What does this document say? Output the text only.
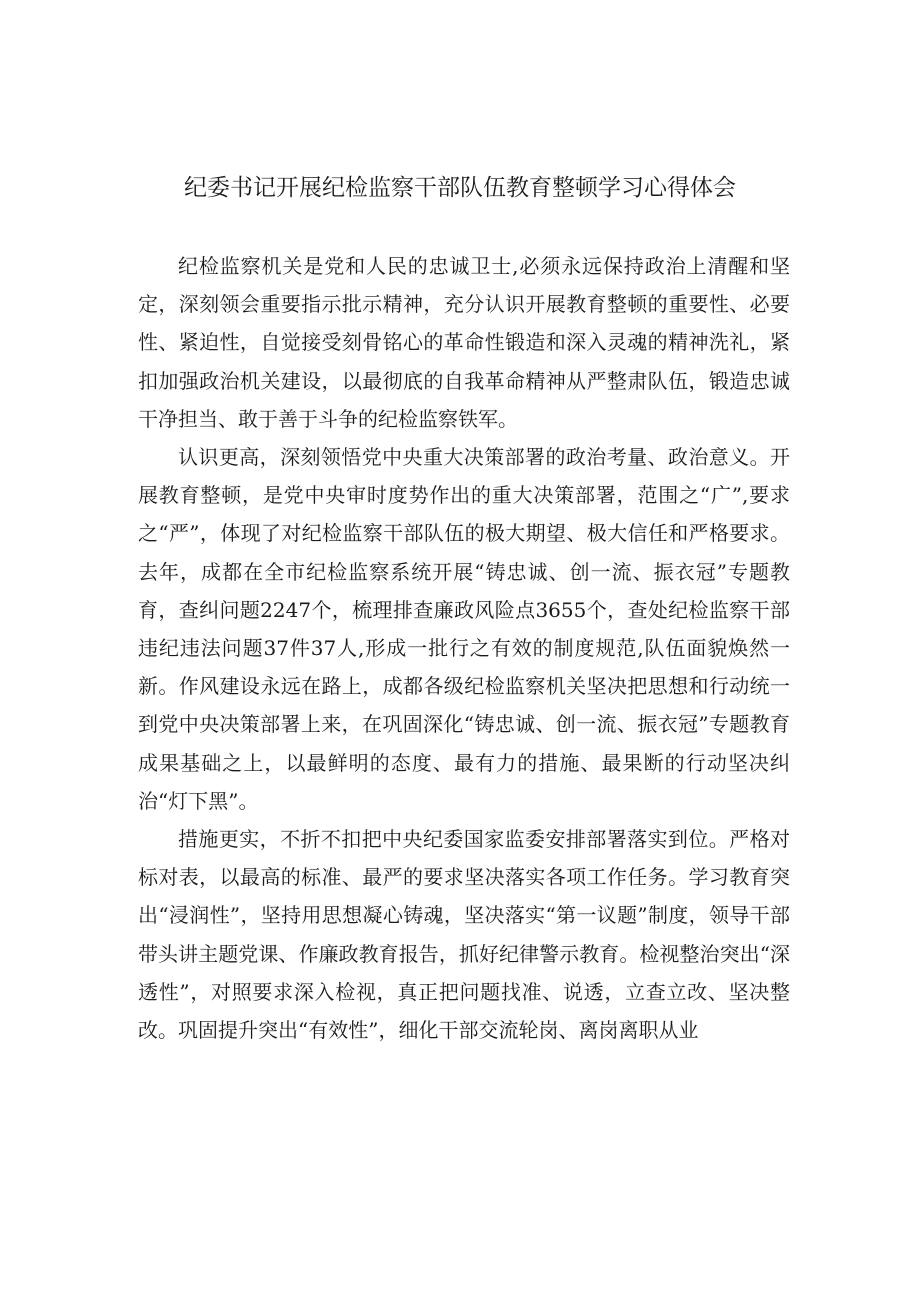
纪委书记开展纪检监察干部队伍教育整顿学习心得体会

纪检监察机关是党和人民的忠诚卫士,必须永远保持政治上清醒和坚定，深刻领会重要指示批示精神，充分认识开展教育整顿的重要性、必要性、紧迫性，自觉接受刻骨铭心的革命性锻造和深入灵魂的精神洗礼，紧扣加强政治机关建设，以最彻底的自我革命精神从严整肃队伍，锻造忠诚干净担当、敢于善于斗争的纪检监察铁军。

认识更高，深刻领悟党中央重大决策部署的政治考量、政治意义。开展教育整顿，是党中央审时度势作出的重大决策部署，范围之“广”,要求之“严”，体现了对纪检监察干部队伍的极大期望、极大信任和严格要求。去年，成都在全市纪检监察系统开展“铸忠诚、创一流、振衣冠”专题教育，查纠问题2247个，梳理排查廉政风险点3655个，查处纪检监察干部违纪违法问题37件37人,形成一批行之有效的制度规范,队伍面貌焕然一新。作风建设永远在路上，成都各级纪检监察机关坚决把思想和行动统一到党中央决策部署上来，在巩固深化“铸忠诚、创一流、振衣冠”专题教育成果基础之上，以最鲜明的态度、最有力的措施、最果断的行动坚决纠治“灯下黑”。

措施更实，不折不扣把中央纪委国家监委安排部署落实到位。严格对标对表，以最高的标准、最严的要求坚决落实各项工作任务。学习教育突出“浸润性”，坚持用思想凝心铸魂，坚决落实“第一议题”制度，领导干部带头讲主题党课、作廉政教育报告，抓好纪律警示教育。检视整治突出“深透性”，对照要求深入检视，真正把问题找准、说透，立查立改、坚决整改。巩固提升突出“有效性”，细化干部交流轮岗、离岗离职从业
